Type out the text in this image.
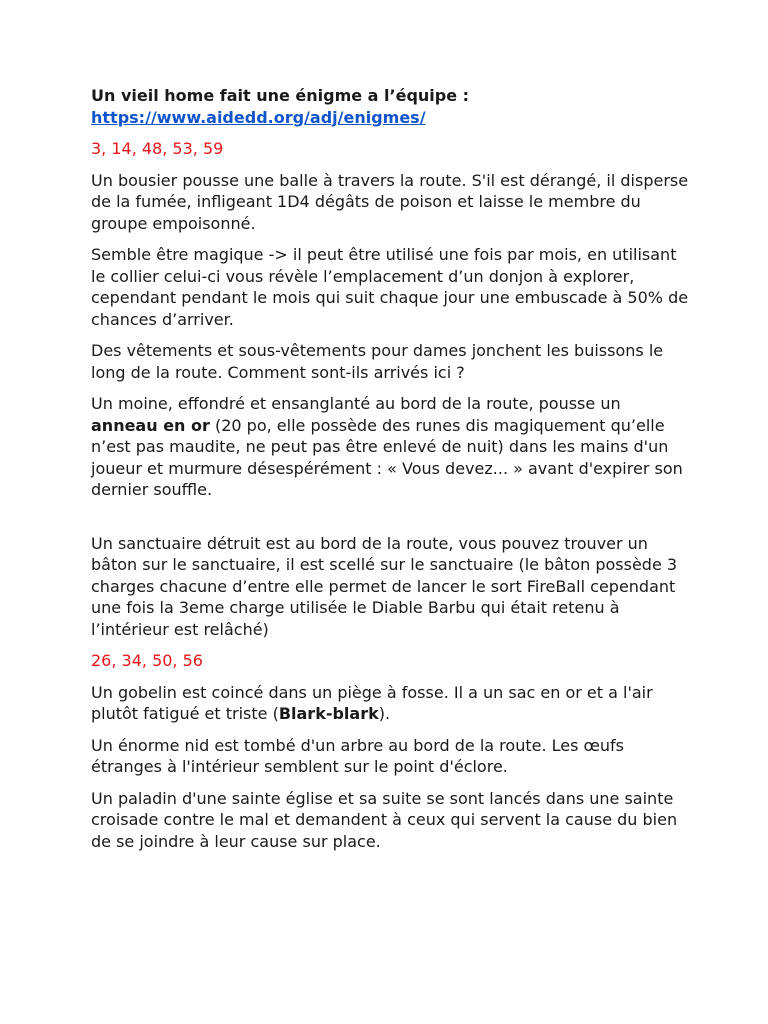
Un vieil home fait une énigme a l’équipe :

https://www.aidedd.org/adj/enigmes/

3, 14, 48, 53, 59

Un bousier pousse une balle à travers la route. S'il est dérangé, il disperse de la fumée, infligeant 1D4 dégâts de poison et laisse le membre du groupe empoisonné.

Semble être magique -> il peut être utilisé une fois par mois, en utilisant le collier celui-ci vous révèle l’emplacement d’un donjon à explorer, cependant pendant le mois qui suit chaque jour une embuscade à 50% de chances d’arriver.

Des vêtements et sous-vêtements pour dames jonchent les buissons le long de la route. Comment sont-ils arrivés ici ?

Un moine, effondré et ensanglanté au bord de la route, pousse un anneau en or (20 po, elle possède des runes dis magiquement qu’elle n’est pas maudite, ne peut pas être enlevé de nuit) dans les mains d'un joueur et murmure désespérément : « Vous devez... » avant d'expirer son dernier souffle.

Un sanctuaire détruit est au bord de la route, vous pouvez trouver un bâton sur le sanctuaire, il est scellé sur le sanctuaire (le bâton possède 3 charges chacune d’entre elle permet de lancer le sort FireBall cependant une fois la 3eme charge utilisée le Diable Barbu qui était retenu à l’intérieur est relâché)

26, 34, 50, 56

Un gobelin est coincé dans un piège à fosse. Il a un sac en or et a l'air plutôt fatigué et triste (Blark-blark).

Un énorme nid est tombé d'un arbre au bord de la route. Les œufs étranges à l'intérieur semblent sur le point d'éclore.

Un paladin d'une sainte église et sa suite se sont lancés dans une sainte croisade contre le mal et demandent à ceux qui servent la cause du bien de se joindre à leur cause sur place.
